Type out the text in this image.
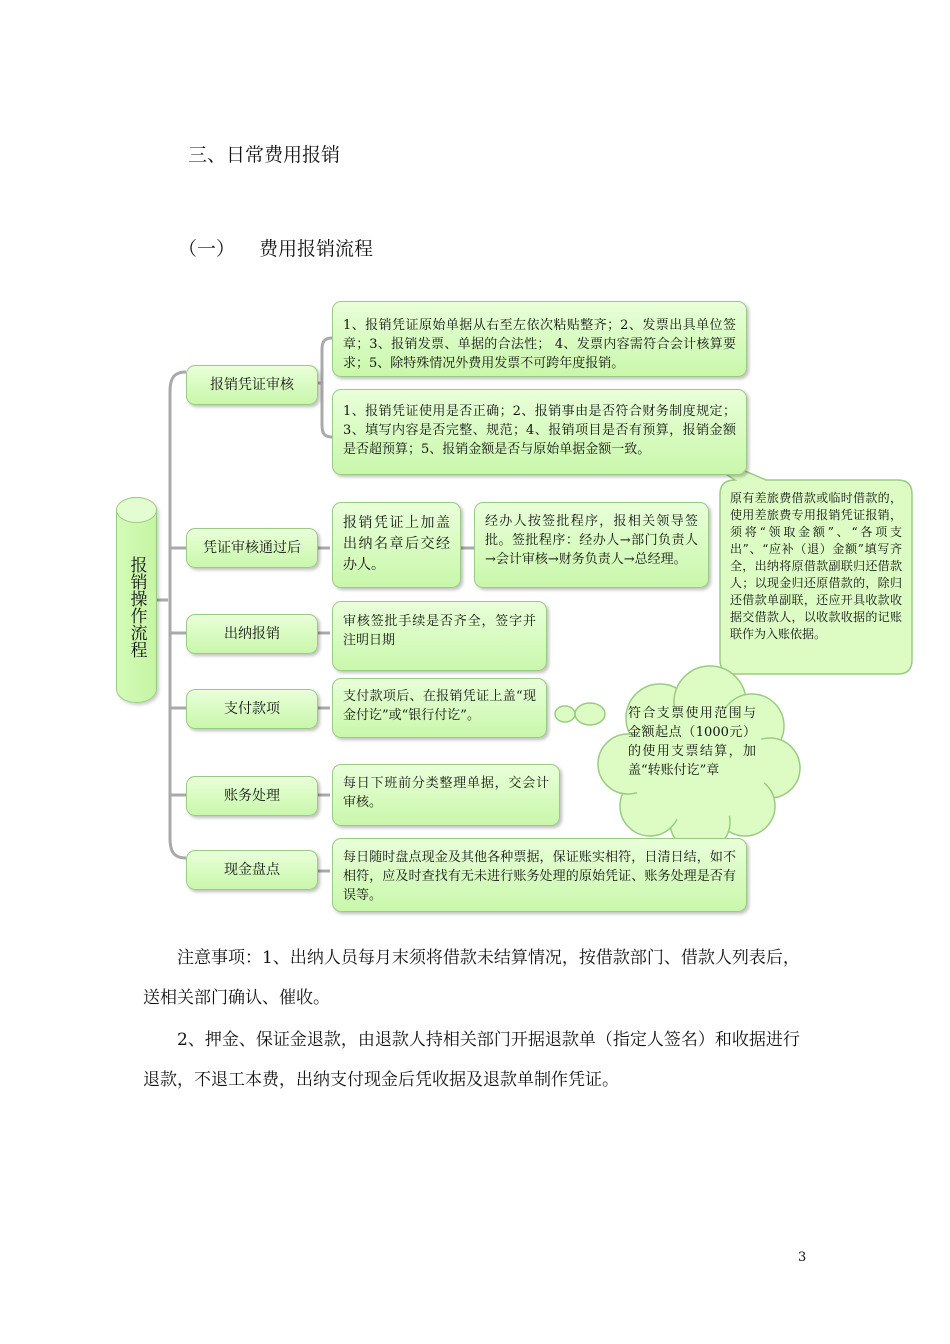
三、日常费用报销
（一） 费用报销流程
报销操作流程
报销凭证审核
凭证审核通过后
出纳报销
支付款项
账务处理
现金盘点
1、报销凭证原始单据从右至左依次粘贴整齐；2、发票出具单位签章；3、报销发票、单据的合法性； 4、发票内容需符合会计核算要求；5、除特殊情况外费用发票不可跨年度报销。
1、报销凭证使用是否正确；2、报销事由是否符合财务制度规定；3、填写内容是否完整、规范；4、报销项目是否有预算，报销金额是否超预算；5、报销金额是否与原始单据金额一致。
报销凭证上加盖出纳名章后交经办人。
经办人按签批程序，报相关领导签批。签批程序：经办人→部门负责人→会计审核→财务负责人→总经理。
审核签批手续是否齐全，签字并注明日期
支付款项后、在报销凭证上盖“现金付讫”或“银行付讫”。
每日下班前分类整理单据，交会计审核。
每日随时盘点现金及其他各种票据，保证账实相符，日清日结，如不相符，应及时查找有无未进行账务处理的原始凭证、账务处理是否有误等。
原有差旅费借款或临时借款的，使用差旅费专用报销凭证报销，须将“领取金额”、“各项支出”、“应补（退）金额”填写齐全，出纳将原借款副联归还借款人；以现金归还原借款的，除归还借款单副联，还应开具收款收据交借款人，以收款收据的记账联作为入账依据。
符合支票使用范围与金额起点（1000元）的使用支票结算，加盖“转账付讫”章
注意事项：1、出纳人员每月末须将借款未结算情况，按借款部门、借款人列表后，送相关部门确认、催收。
2、押金、保证金退款，由退款人持相关部门开据退款单（指定人签名）和收据进行退款，不退工本费，出纳支付现金后凭收据及退款单制作凭证。
3
